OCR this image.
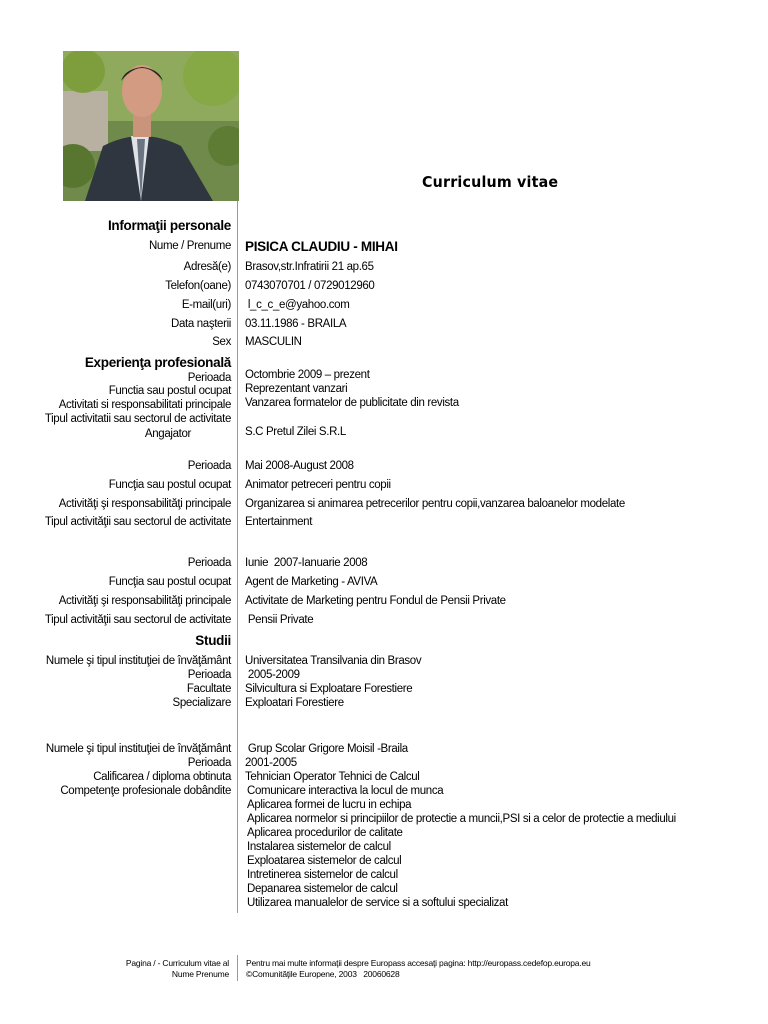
Curriculum vitae
Informaţii personale
Nume / Prenume PISICA CLAUDIU - MIHAI
Adresă(e) Brasov,str.Infratirii 21 ap.65
Telefon(oane) 0743070701 / 0729012960
E-mail(uri) l_c_c_e@yahoo.com
Data naşterii 03.11.1986 - BRAILA
Sex MASCULIN
Experienţa profesională
Perioada Octombrie 2009 – prezent
Functia sau postul ocupat Reprezentant vanzari
Activitati si responsabilitati principale Vanzarea formatelor de publicitate din revista
Tipul activitatii sau sectorul de activitate
Angajator	S.C Pretul Zilei S.R.L
Perioada Mai 2008-August 2008
Funcţia sau postul ocupat Animator petreceri pentru copii
Activităţi şi responsabilităţi principale Organizarea si animarea petrecerilor pentru copii,vanzarea baloanelor modelate
Tipul activităţii sau sectorul de activitate Entertainment
Perioada Iunie  2007-Ianuarie 2008
Funcţia sau postul ocupat Agent de Marketing - AVIVA
Activităţi şi responsabilităţi principale Activitate de Marketing pentru Fondul de Pensii Private
Tipul activităţii sau sectorul de activitate Pensii Private
Studii
Numele şi tipul instituţiei de învăţământ Universitatea Transilvania din Brasov
Perioada 2005-2009
Facultate Silvicultura si Exploatare Forestiere
Specializare Exploatari Forestiere
Numele şi tipul instituţiei de învăţământ Grup Scolar Grigore Moisil -Braila
Perioada 2001-2005
Calificarea / diploma obtinuta Tehnician Operator Tehnici de Calcul
Competenţe profesionale dobândite Comunicare interactiva la locul de munca
Aplicarea formei de lucru in echipa
Aplicarea normelor si principiilor de protectie a muncii,PSI si a celor de protectie a mediului
Aplicarea procedurilor de calitate
Instalarea sistemelor de calcul
Exploatarea sistemelor de calcul
Intretinerea sistemelor de calcul
Depanarea sistemelor de calcul
Utilizarea manualelor de service si a softului specializat
Pagina / - Curriculum vitae al
Nume Prenume
Pentru mai multe informaţii despre Europass accesaţi pagina: http://europass.cedefop.europa.eu
©Comunităţile Europene, 2003   20060628
